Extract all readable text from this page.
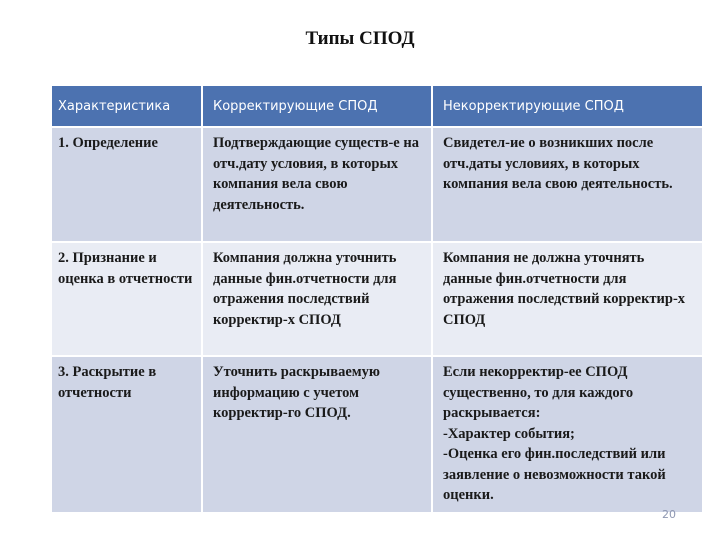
Типы СПОД
Характеристика	Корректирующие СПОД	Некорректирующие СПОД
1. Определение	Подтверждающие существ-е на отч.дату условия, в которых компания вела свою деятельность.	Свидетел-ие о возникших после отч.даты условиях, в которых компания вела свою деятельность.
2. Признание и оценка в отчетности	Компания должна уточнить данные фин.отчетности для отражения последствий корректир-х СПОД	Компания не должна уточнять данные фин.отчетности для отражения последствий корректир-х СПОД
3. Раскрытие в отчетности	Уточнить раскрываемую информацию с учетом корректир-го СПОД.	Если некорректир-ее СПОД существенно, то для каждого раскрывается:
-Характер события;
-Оценка его фин.последствий или заявление о невозможности такой оценки.
20
